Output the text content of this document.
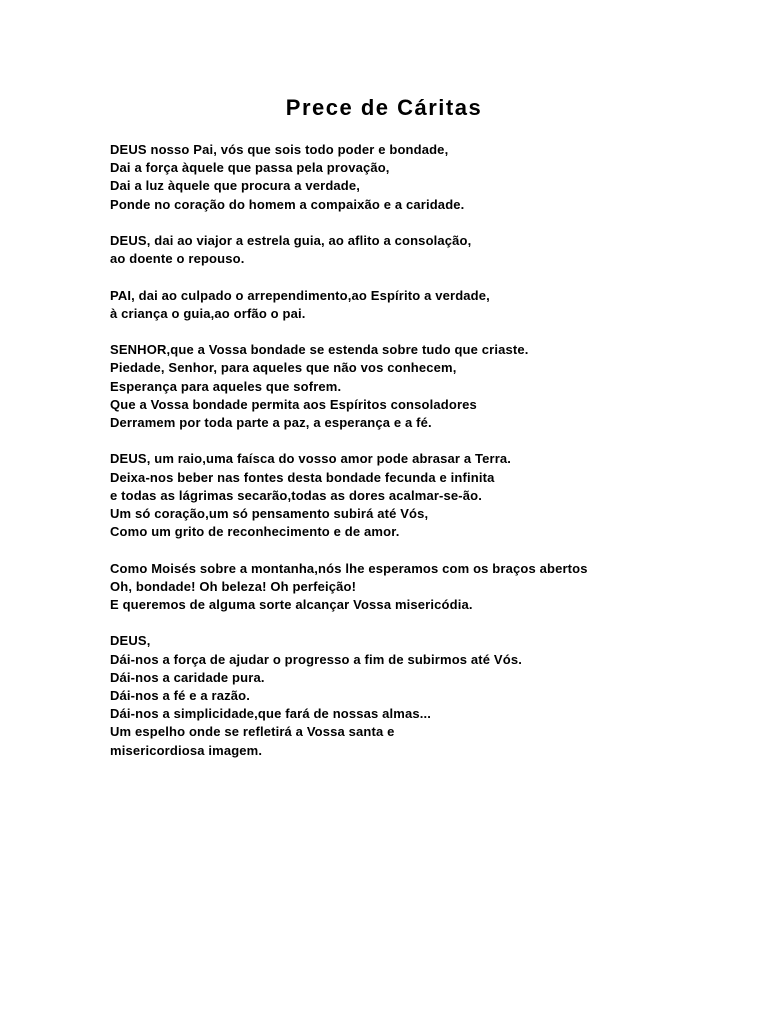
Prece de Cáritas
DEUS nosso Pai, vós que sois todo poder e bondade,
Dai a força àquele que passa pela provação,
Dai a luz àquele que procura a verdade,
Ponde no coração do homem a compaixão e a caridade.
DEUS, dai ao viajor a estrela guia, ao aflito a consolação,
ao doente o repouso.
PAI, dai ao culpado o arrependimento,ao Espírito a verdade,
à criança o guia,ao orfão o pai.
SENHOR,que a Vossa bondade se estenda sobre tudo que criaste.
Piedade, Senhor, para aqueles que não vos conhecem,
Esperança para aqueles que sofrem.
Que a Vossa bondade permita aos Espíritos consoladores
Derramem por toda parte a paz, a esperança e a fé.
DEUS, um raio,uma faísca do vosso amor pode abrasar a Terra.
Deixa-nos beber nas fontes desta bondade fecunda e infinita
e todas as lágrimas secarão,todas as dores acalmar-se-ão.
Um só coração,um só pensamento subirá até Vós,
Como um grito de reconhecimento e de amor.
Como Moisés sobre a montanha,nós lhe esperamos com os braços abertos
Oh, bondade! Oh beleza! Oh perfeição!
E queremos de alguma sorte alcançar Vossa misericódia.
DEUS,
Dái-nos a força de ajudar o progresso a fim de subirmos até Vós.
Dái-nos a caridade pura.
Dái-nos a fé e a razão.
Dái-nos a simplicidade,que fará de nossas almas...
Um espelho onde se refletirá a Vossa santa e
misericordiosa imagem.
